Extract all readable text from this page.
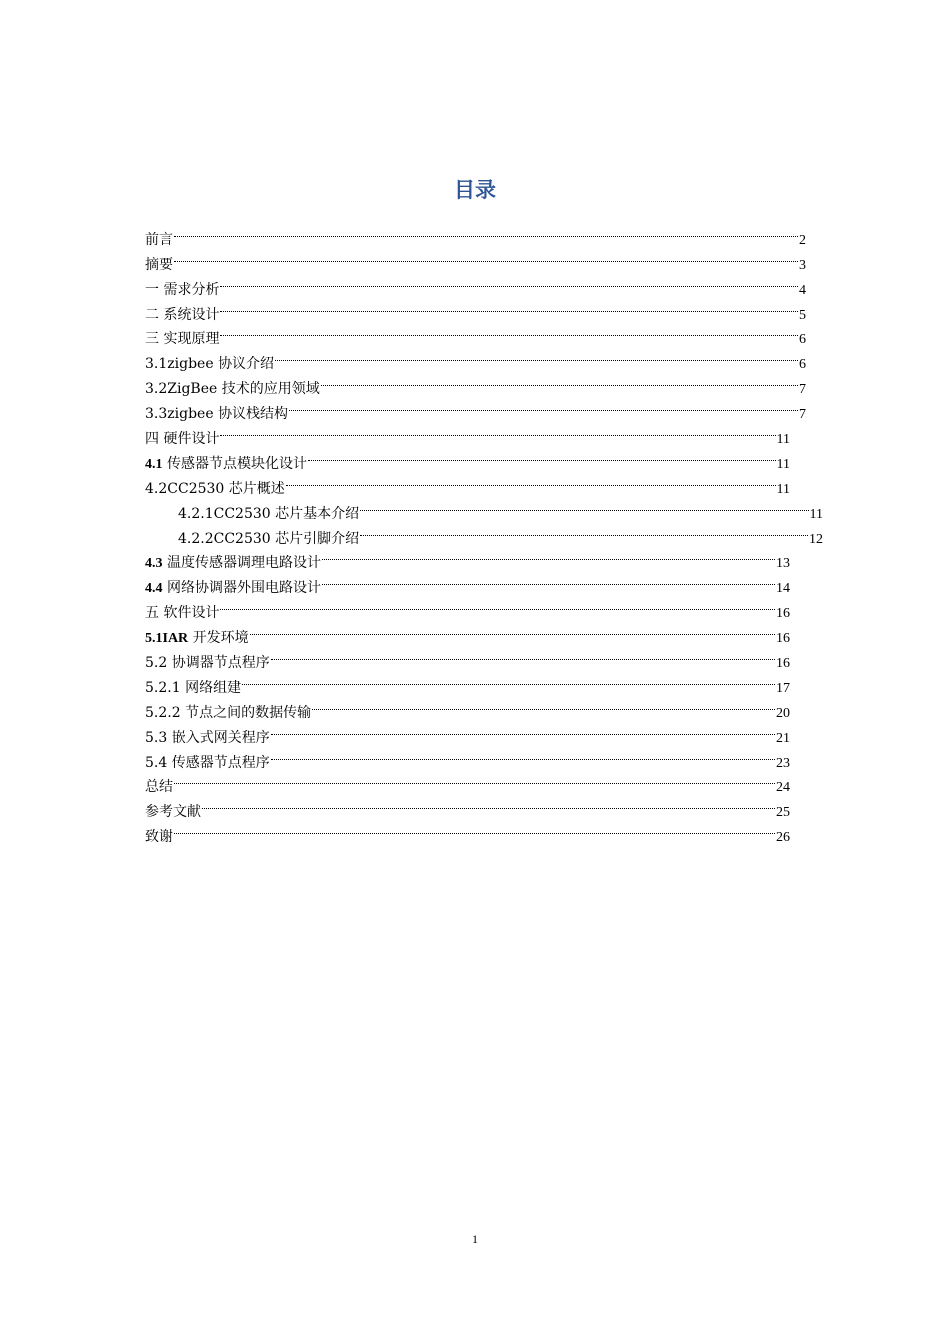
目录
前言	2
摘要	3
一 需求分析	4
二 系统设计	5
三 实现原理	6
3.1zigbee 协议介绍	6
3.2ZigBee 技术的应用领域	7
3.3zigbee 协议栈结构	7
四 硬件设计	11
4.1 传感器节点模块化设计	11
4.2CC2530 芯片概述	11
4.2.1CC2530 芯片基本介绍	11
4.2.2CC2530 芯片引脚介绍	12
4.3 温度传感器调理电路设计	13
4.4 网络协调器外围电路设计	14
五 软件设计	16
5.1IAR 开发环境	16
5.2 协调器节点程序	16
5.2.1 网络组建	17
5.2.2 节点之间的数据传输	20
5.3 嵌入式网关程序	21
5.4 传感器节点程序	23
总结	24
参考文献	25
致谢	26
1
